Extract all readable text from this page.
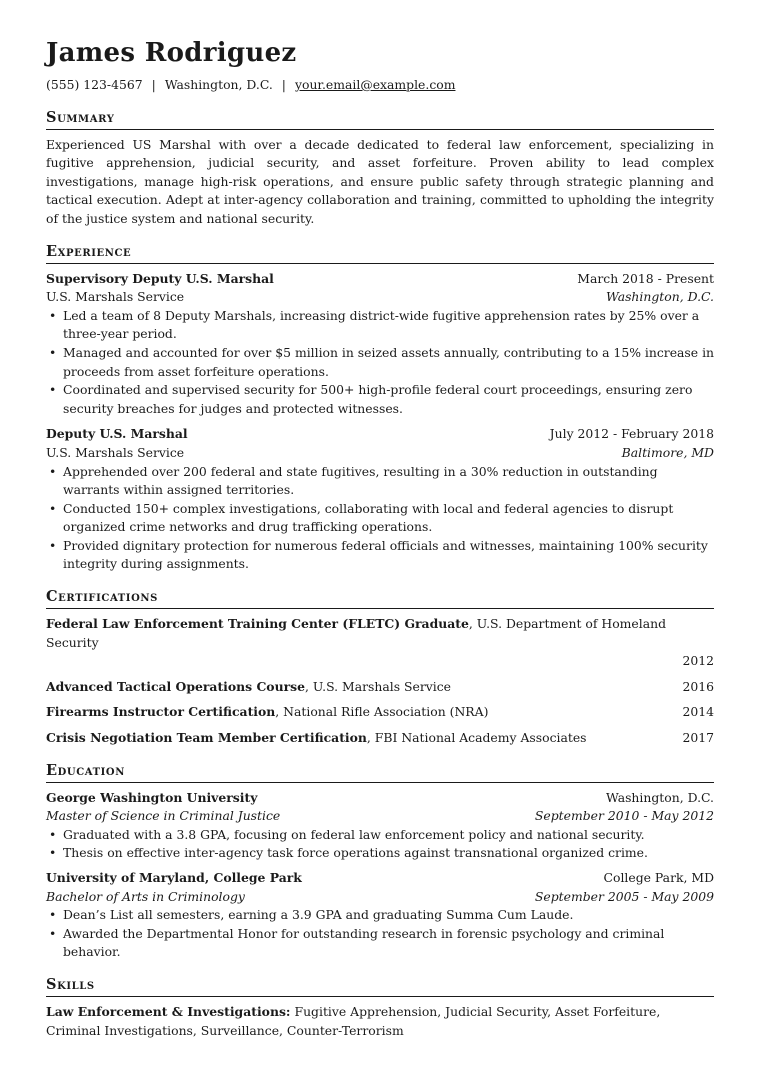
James Rodriguez
(555) 123-4567 | Washington, D.C. | your.email@example.com
Summary
Experienced US Marshal with over a decade dedicated to federal law enforcement, specializing in fugitive apprehension, judicial security, and asset forfeiture. Proven ability to lead complex investigations, manage high-risk operations, and ensure public safety through strategic planning and tactical execution. Adept at inter-agency collaboration and training, committed to upholding the integrity of the justice system and national security.
Experience
Supervisory Deputy U.S. Marshal	March 2018 - Present
U.S. Marshals Service	Washington, D.C.
• Led a team of 8 Deputy Marshals, increasing district-wide fugitive apprehension rates by 25% over a three-year period.
• Managed and accounted for over $5 million in seized assets annually, contributing to a 15% increase in proceeds from asset forfeiture operations.
• Coordinated and supervised security for 500+ high-profile federal court proceedings, ensuring zero security breaches for judges and protected witnesses.
Deputy U.S. Marshal	July 2012 - February 2018
U.S. Marshals Service	Baltimore, MD
• Apprehended over 200 federal and state fugitives, resulting in a 30% reduction in outstanding warrants within assigned territories.
• Conducted 150+ complex investigations, collaborating with local and federal agencies to disrupt organized crime networks and drug trafficking operations.
• Provided dignitary protection for numerous federal officials and witnesses, maintaining 100% security integrity during assignments.
Certifications
Federal Law Enforcement Training Center (FLETC) Graduate, U.S. Department of Homeland Security
2012
Advanced Tactical Operations Course, U.S. Marshals Service	2016
Firearms Instructor Certification, National Rifle Association (NRA)	2014
Crisis Negotiation Team Member Certification, FBI National Academy Associates	2017
Education
George Washington University	Washington, D.C.
Master of Science in Criminal Justice	September 2010 - May 2012
• Graduated with a 3.8 GPA, focusing on federal law enforcement policy and national security.
• Thesis on effective inter-agency task force operations against transnational organized crime.
University of Maryland, College Park	College Park, MD
Bachelor of Arts in Criminology	September 2005 - May 2009
• Dean’s List all semesters, earning a 3.9 GPA and graduating Summa Cum Laude.
• Awarded the Departmental Honor for outstanding research in forensic psychology and criminal behavior.
Skills
Law Enforcement & Investigations: Fugitive Apprehension, Judicial Security, Asset Forfeiture, Criminal Investigations, Surveillance, Counter-Terrorism
